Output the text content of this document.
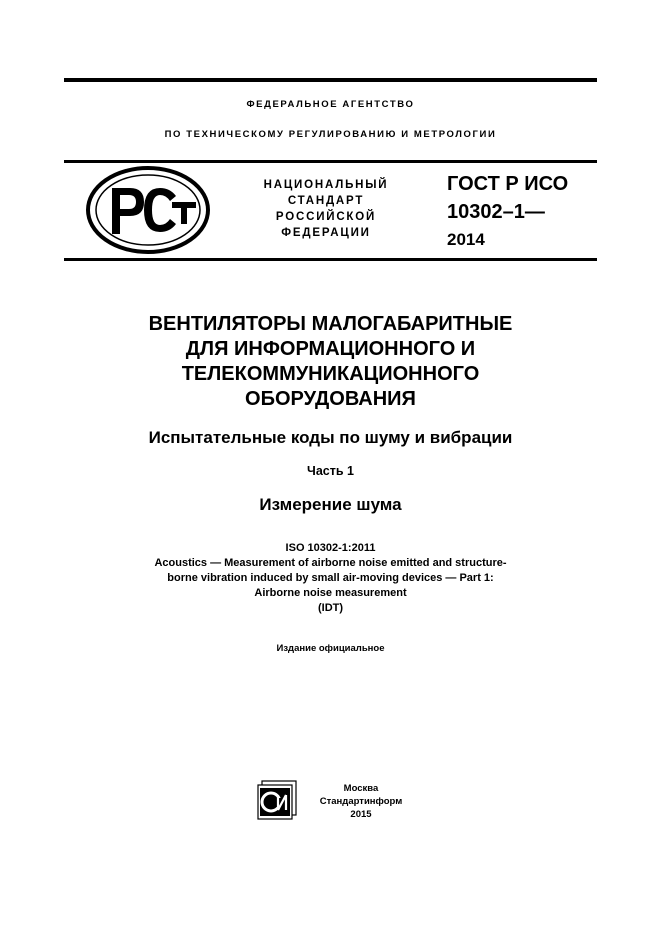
ФЕДЕРАЛЬНОЕ АГЕНТСТВО
ПО ТЕХНИЧЕСКОМУ РЕГУЛИРОВАНИЮ И МЕТРОЛОГИИ
НАЦИОНАЛЬНЫЙ
СТАНДАРТ
РОССИЙСКОЙ
ФЕДЕРАЦИИ
ГОСТ Р ИСО
10302–1—
2014
ВЕНТИЛЯТОРЫ МАЛОГАБАРИТНЫЕ
ДЛЯ ИНФОРМАЦИОННОГО И
ТЕЛЕКОММУНИКАЦИОННОГО
ОБОРУДОВАНИЯ
Испытательные коды по шуму и вибрации
Часть 1
Измерение шума
ISO 10302-1:2011
Acoustics — Measurement of airborne noise emitted and structure-
borne vibration induced by small air-moving devices — Part 1:
Airborne noise measurement
(IDT)
Издание официальное
Москва
Стандартинформ
2015
